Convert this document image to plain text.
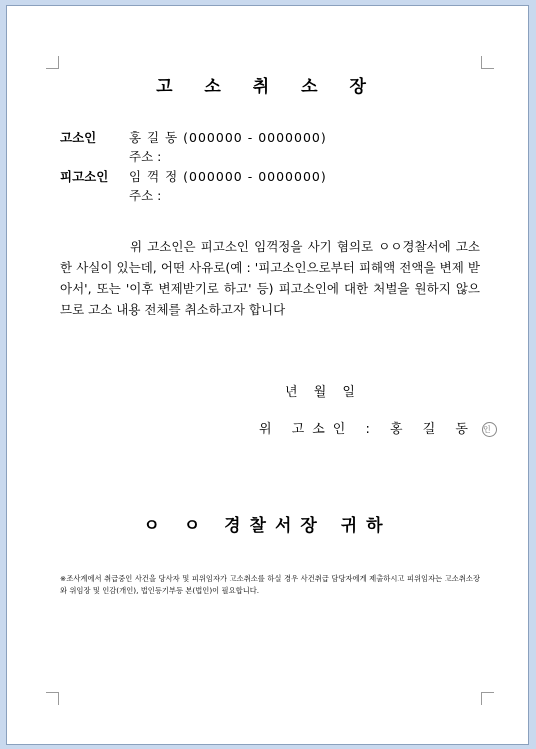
고 소 취 소 장
고소인	홍 길 동 (000000 - 0000000)
주소 :
피고소인 임 꺽 정 (000000 - 0000000)
주소 :
위 고소인은 피고소인 임꺽정을 사기 혐의로 ㅇㅇ경찰서에 고소한 사실이 있는데, 어떤 사유로(예 : '피고소인으로부터 피해액 전액을 변제 받아서', 또는 '이후 변제받기로 하고' 등) 피고소인에 대한 처벌을 원하지 않으므로 고소 내용 전체를 취소하고자 합니다
년 월 일
위 고소인 : 홍 길 동 인
ㅇ ㅇ 경찰서장 귀하
※조사계에서 취급중인 사건을 당사자 및 피위임자가 고소취소를 하실 경우 사건취급 담당자에게 제출하시고 피위임자는 고소취소장와 위임장 및 인감(개인), 법인등기부등 본(법인)이 필요합니다.
